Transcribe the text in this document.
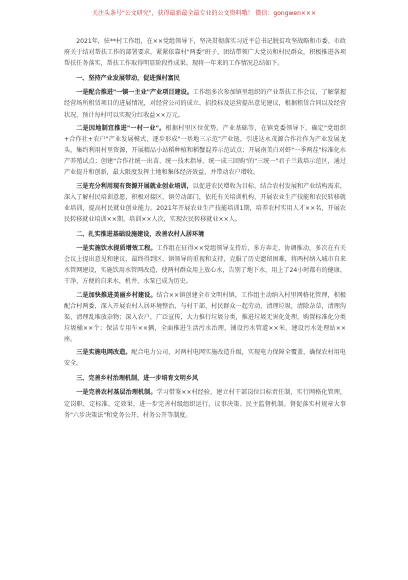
关注头条号"公文研究"，获得最新最全最专业的公文资料哦！ 微信：gongwen×××

2021年，驻**村工作组，在××党组领导下，坚决贯彻落实习近平总书记脱贫攻坚战略和市委、市政府关于结对帮扶工作的部署要求，紧紧依靠村"两委"班子，团结带领广大党员和村民群众，积极推进各项帮扶任务落实，帮扶工作取得明显阶段性成果。现将一年来的工作情况总结如下。

一、坚持产业发展带动，促进强村富民

一是配合推进"一镇一主业"产业项目建设。工作组多次参加镇里组织的产业帮扶工作会议，了解掌握经营场所租赁项目的进展情况，对经营公司的成立、招投标及运营提出意见建议，根据租赁合同以及经营状况，预计每村可以实现分红收益××万元。

二是因地制宜推进"一村一业"。根据村里区位优势、产业基础等，在镇党委领导下，确定"党组织+合作社+农户"产业发展模式，逐步形成"一基地三示范"产业链，引进达永茂源合作社作为产业发展龙头，集约利用村里资源，开展精品小站稻种植和稻蟹混养示范试点；开展南美白对虾"一季两茬"标准化水产养殖试点；创建"合作社统一出苗、统一技术指导、统一成三回购"的"三统一"君子兰栽培示范区，通过产业提升和创新，最大限度发挥土地和集体经济效益，并带动农户增收。

三是充分利用现有资源开展就业创业培训，以促进农民增收为目标，结合农村发展和产业结构需求，深入了解村民培训意愿，积极对接区、镇劳动部门，依托有关培训机构，开展农业生产技能和农民转移就业培训，提高村民就业创业能力。2021年开展农业生产技能培训1期，培养农村实用人才××名，开展农民转移就业培训××期，培训××人次，实现农民转移就业××人。

二、扎实推进基础设施建设，改善农村人居环境

一是实施饮水提质增效工程。工作组在征得××党组领导支持后，多方奔走、协调推动，多次在有关会议上提出意见和建议，最终得到区、镇领导的重视和支持，克服了历史遗留困难，将两村纳入城市自来水管网建设，实施饮用水管网改造，使两村群众用上放心水，告别了地下水，用上了24小时都有的健康、干净、方便的自来水，机井、水泵已成为历史。

二是加快推进美丽乡村建设。结合××镇创建全市文明村镇，工作组主动纳入村里网格化管理，积极配合村两委，深入开展农村人居环境整治，与村干部、村民群众一起劳动，清理垃圾，清除杂草，清理沟渠，清理乱堆放杂物；深入农户，广泛宣传，大力推行垃圾分类，推进垃圾无害化处理，购置标准化分类垃圾桶××个；保洁专用车××辆，全面推进生活污水治理，铺设污水管道××米，建设污水处理站××座。

三是实施电网改造。配合电力公司，对两村电网实施改造升级，实现电力保障全覆盖，确保农村用电安全。

三、完善乡村治理机制，进一步培育文明乡风

一是完善农村基层治理机制。学习借鉴××村经验，建立村干部岗位目标责任制，实行网格化管理，定岗职、定标准、定效果，进一步完善村级组织运行，议事决策、民主监督机制。督促落实村规章大事务"六步决策法"和党务公开、村务公开等制度。
